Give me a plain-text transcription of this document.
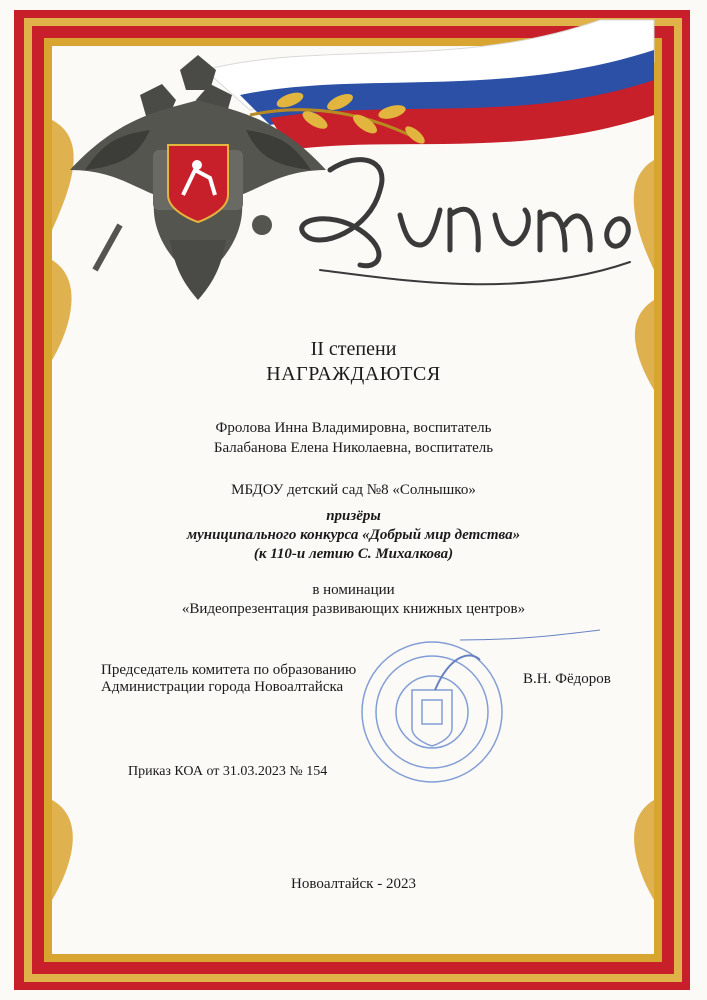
II степени
НАГРАЖДАЮТСЯ
Фролова Инна Владимировна, воспитатель
Балабанова Елена Николаевна, воспитатель
МБДОУ детский сад №8 «Солнышко»
призёры
муниципального конкурса «Добрый мир детства»
(к 110-и летию С. Михалкова)
в номинации
«Видеопрезентация развивающих книжных центров»
Председатель комитета по образованию
Администрации города Новоалтайска	В.Н. Фёдоров
Приказ КОА от 31.03.2023 № 154
Новоалтайск - 2023
